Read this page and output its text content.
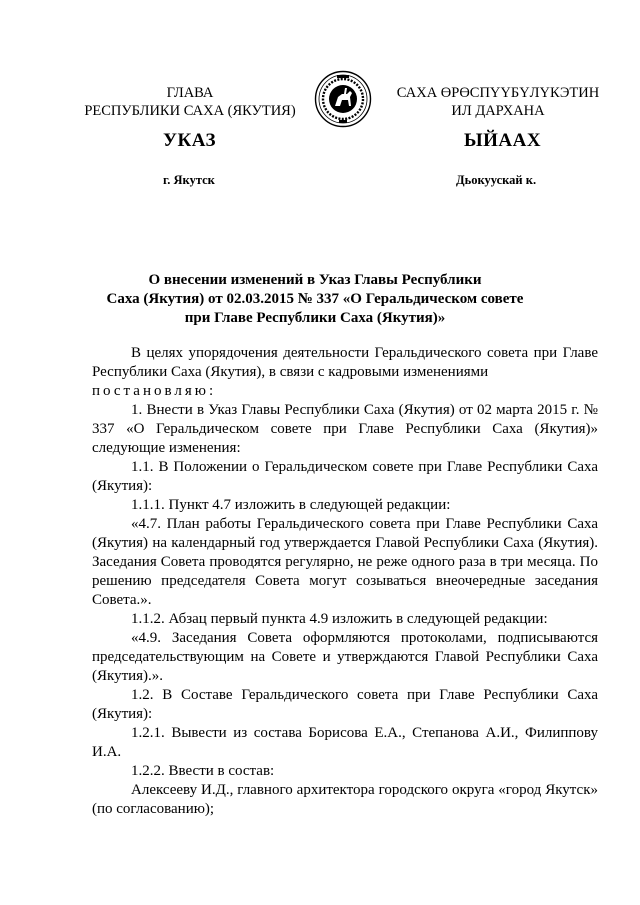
ГЛАВА
РЕСПУБЛИКИ САХА (ЯКУТИЯ)
САХА ӨРӨСПҮҮБҮЛҮКЭТИН
ИЛ ДАРХАНА
УКАЗ	ЫЙААХ
г. Якутск	Дьокуускай к.
О внесении изменений в Указ Главы Республики
Саха (Якутия) от 02.03.2015 № 337 «О Геральдическом совете
при Главе Республики Саха (Якутия)»

В целях упорядочения деятельности Геральдического совета при Главе Республики Саха (Якутия), в связи с кадровыми изменениями

постановляю:

1. Внести в Указ Главы Республики Саха (Якутия) от 02 марта 2015 г. № 337 «О Геральдическом совете при Главе Республики Саха (Якутия)» следующие изменения:

1.1. В Положении о Геральдическом совете при Главе Республики Саха (Якутия):

1.1.1. Пункт 4.7 изложить в следующей редакции:

«4.7. План работы Геральдического совета при Главе Республики Саха (Якутия) на календарный год утверждается Главой Республики Саха (Якутия). Заседания Совета проводятся регулярно, не реже одного раза в три месяца. По решению председателя Совета могут созываться внеочередные заседания Совета.».

1.1.2. Абзац первый пункта 4.9 изложить в следующей редакции:

«4.9. Заседания Совета оформляются протоколами, подписываются председательствующим на Совете и утверждаются Главой Республики Саха (Якутия).».

1.2. В Составе Геральдического совета при Главе Республики Саха (Якутия):

1.2.1. Вывести из состава Борисова Е.А., Степанова А.И., Филиппову И.А.

1.2.2. Ввести в состав:

Алексееву И.Д., главного архитектора городского округа «город Якутск» (по согласованию);
